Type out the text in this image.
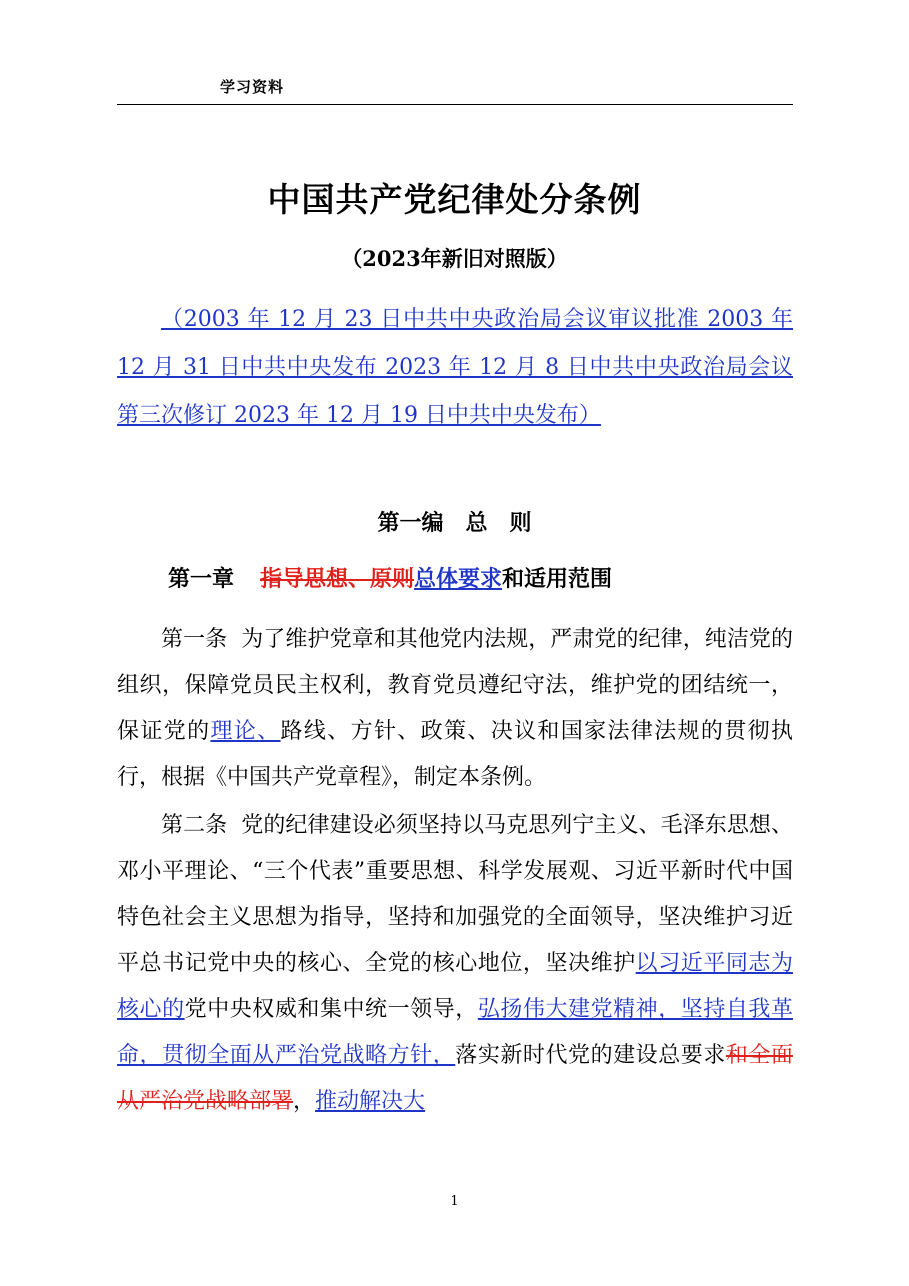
学习资料
中国共产党纪律处分条例
（2023年新旧对照版）
（2003 年 12 月 23 日中共中央政治局会议审议批准 2003 年 12 月 31 日中共中央发布 2023 年 12 月 8 日中共中央政治局会议第三次修订 2023 年 12 月 19 日中共中央发布）
第一编　总　则
第一章 指导思想、原则总体要求和适用范围

第一条 为了维护党章和其他党内法规，严肃党的纪律，纯洁党的组织，保障党员民主权利，教育党员遵纪守法，维护党的团结统一，保证党的理论、路线、方针、政策、决议和国家法律法规的贯彻执行，根据《中国共产党章程》，制定本条例。

第二条 党的纪律建设必须坚持以马克思列宁主义、毛泽东思想、邓小平理论、“三个代表”重要思想、科学发展观、习近平新时代中国特色社会主义思想为指导，坚持和加强党的全面领导，坚决维护习近平总书记党中央的核心、全党的核心地位，坚决维护以习近平同志为核心的党中央权威和集中统一领导，弘扬伟大建党精神，坚持自我革命，贯彻全面从严治党战略方针，落实新时代党的建设总要求和全面从严治党战略部署，推动解决大

1
